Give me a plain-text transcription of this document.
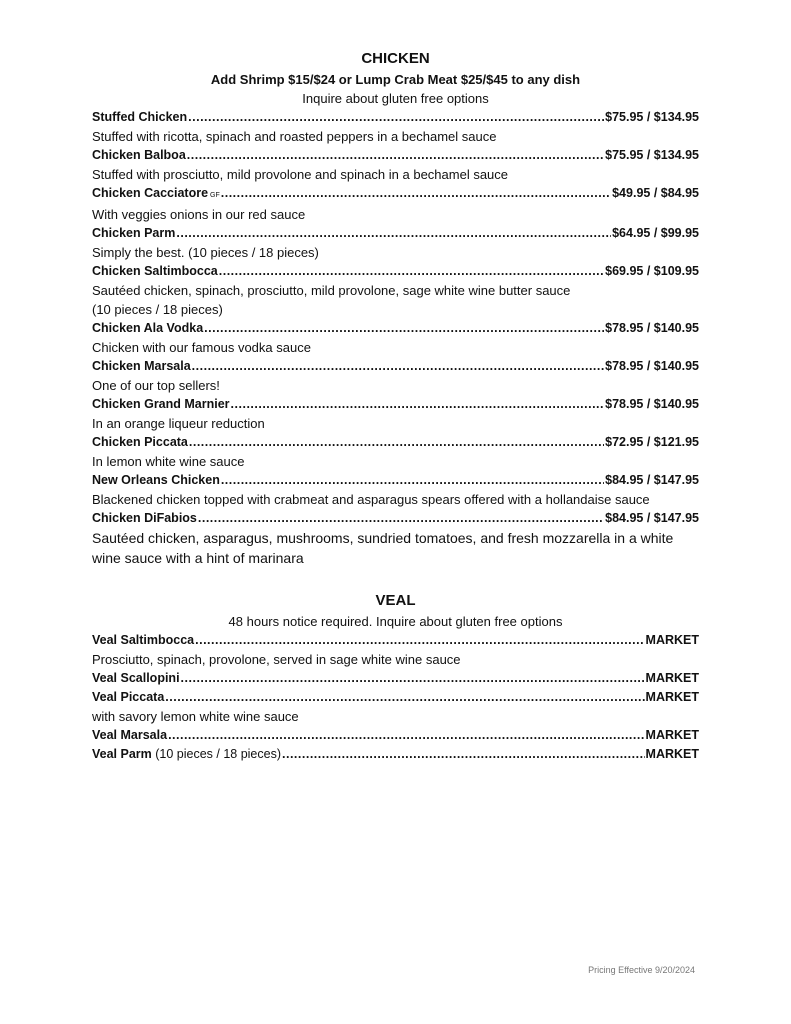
CHICKEN
Add Shrimp $15/$24 or Lump Crab Meat $25/$45 to any dish
Inquire about gluten free options
Stuffed Chicken .....	$75.95 / $134.95
Stuffed with ricotta, spinach and roasted peppers in a bechamel sauce
Chicken Balboa .....	$75.95 / $134.95
Stuffed with prosciutto, mild provolone and spinach in a bechamel sauce
Chicken Cacciatore GF .....	$49.95 / $84.95
With veggies onions in our red sauce
Chicken Parm .....	$64.95 / $99.95
Simply the best. (10 pieces / 18 pieces)
Chicken Saltimbocca .....	$69.95 / $109.95
Sautéed chicken, spinach, prosciutto, mild provolone, sage white wine butter sauce
(10 pieces / 18 pieces)
Chicken Ala Vodka .....	$78.95 / $140.95
Chicken with our famous vodka sauce
Chicken Marsala .....	$78.95 / $140.95
One of our top sellers!
Chicken Grand Marnier .....	$78.95 / $140.95
In an orange liqueur reduction
Chicken Piccata .....	$72.95 / $121.95
In lemon white wine sauce
New Orleans Chicken .....	$84.95 / $147.95
Blackened chicken topped with crabmeat and asparagus spears offered with a hollandaise sauce
Chicken DiFabios .....	$84.95 / $147.95
Sautéed chicken, asparagus, mushrooms, sundried tomatoes, and fresh mozzarella in a white
wine sauce with a hint of marinara
VEAL
48 hours notice required. Inquire about gluten free options
Veal Saltimbocca .....	MARKET
Prosciutto, spinach, provolone, served in sage white wine sauce
Veal Scallopini .....	MARKET
Veal Piccata .....	MARKET
with savory lemon white wine sauce
Veal Marsala .....	MARKET
Veal Parm (10 pieces / 18 pieces) .....	MARKET
Pricing Effective 9/20/2024
